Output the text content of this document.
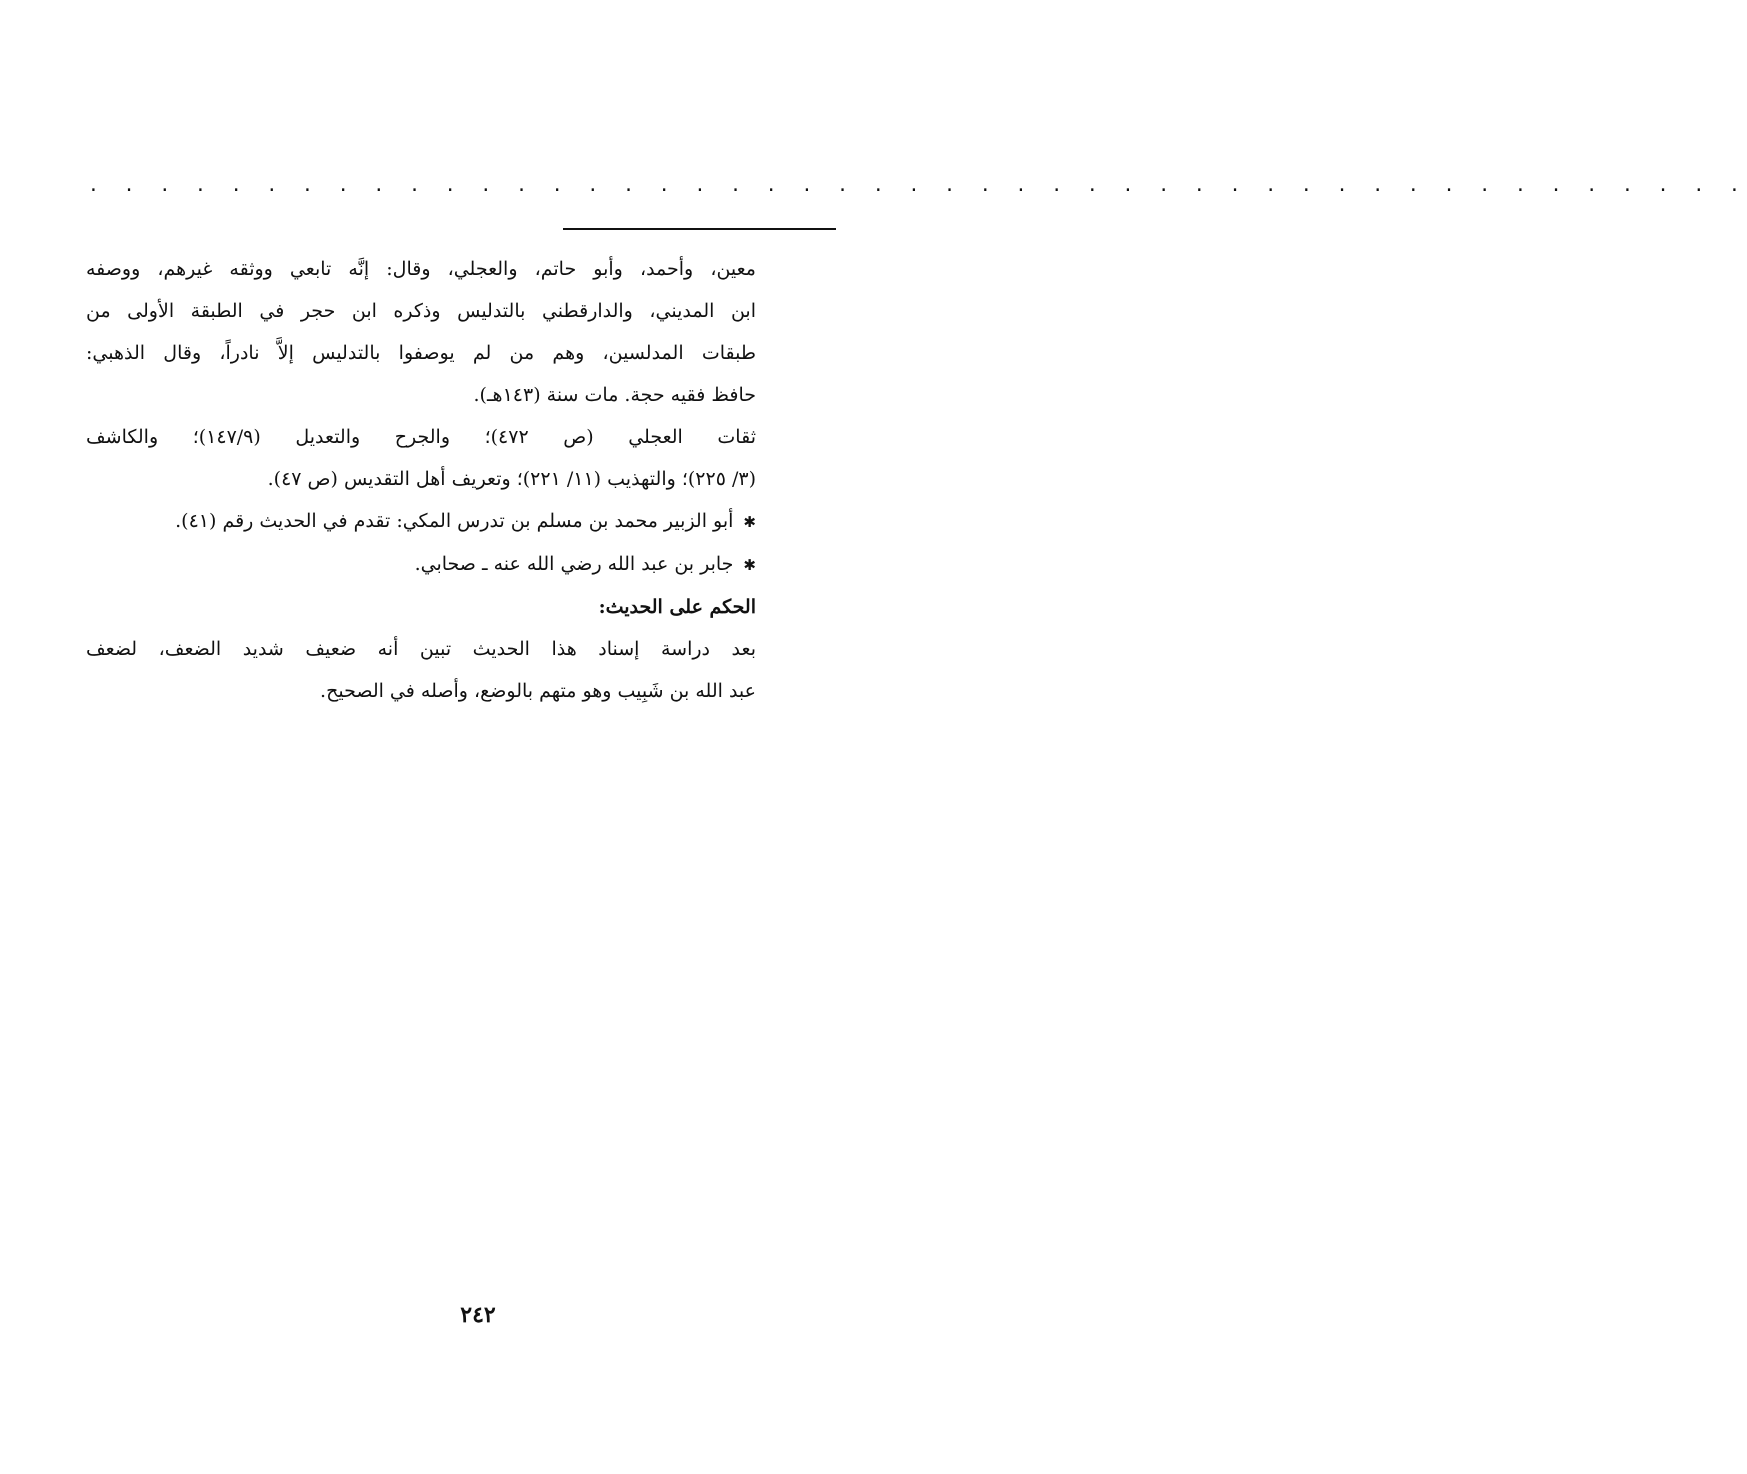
. . . . . . . . . . . . . . . . . . . . . . . . . . . . . . . . . . . . . . . . . . . . . . .
معين، وأحمد، وأبو حاتم، والعجلي، وقال: إنَّه تابعي ووثقه غيرهم، ووصفه
ابن المديني، والدارقطني بالتدليس وذكره ابن حجر في الطبقة الأولى من
طبقات المدلسين، وهم من لم يوصفوا بالتدليس إلاَّ نادراً، وقال الذهبي:
حافظ فقيه حجة. مات سنة (١٤٣هـ).
ثقات العجلي (ص ٤٧٢)؛ والجرح والتعديل (١٤٧/٩)؛ والكاشف
(٣/ ٢٢٥)؛ والتهذيب (١١/ ٢٢١)؛ وتعريف أهل التقديس (ص ٤٧).
✱أبو الزبير محمد بن مسلم بن تدرس المكي: تقدم في الحديث رقم (٤١).
✱جابر بن عبد الله رضي الله عنه ـ صحابي.
الحكم على الحديث:
بعد دراسة إسناد هذا الحديث تبين أنه ضعيف شديد الضعف، لضعف
عبد الله بن شَبِيب وهو متهم بالوضع، وأصله في الصحيح.
٢٤٢
